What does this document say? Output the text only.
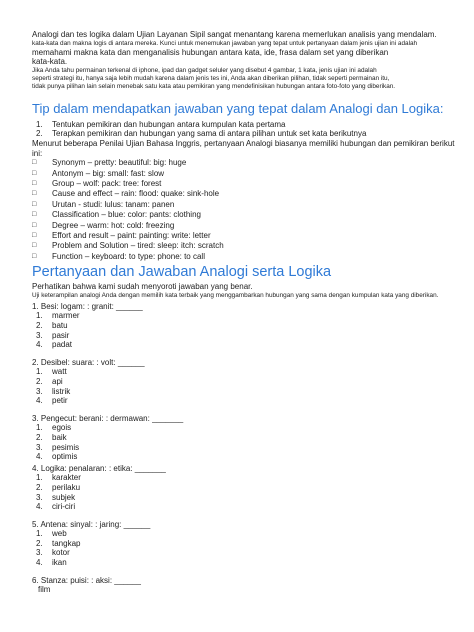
Analogi dan tes logika dalam Ujian Layanan Sipil sangat menantang karena memerlukan analisis yang mendalam.

kata-kata dan makna logis di antara mereka. Kunci untuk menemukan jawaban yang tepat untuk pertanyaan dalam jenis ujian ini adalah

memahami makna kata dan menganalisis hubungan antara kata, ide, frasa dalam set yang diberikan

kata-kata.

Jika Anda tahu permainan terkenal di iphone, ipad dan gadget seluler yang disebut 4 gambar, 1 kata, jenis ujian ini adalah

seperti strategi itu, hanya saja lebih mudah karena dalam jenis tes ini, Anda akan diberikan pilihan, tidak seperti permainan itu,

tidak punya pilihan lain selain menebak satu kata atau pemikiran yang mendefinisikan hubungan antara foto-foto yang diberikan.

Tip dalam mendapatkan jawaban yang tepat dalam Analogi dan Logika:
1. Tentukan pemikiran dan hubungan antara kumpulan kata pertama
2. Terapkan pemikiran dan hubungan yang sama di antara pilihan untuk set kata berikutnya

Menurut beberapa Penilai Ujian Bahasa Inggris, pertanyaan Analogi biasanya memiliki hubungan dan pemikiran berikut ini:

□ Synonym – pretty: beautiful: big: huge
□ Antonym – big: small: fast: slow
□ Group – wolf: pack: tree: forest
□ Cause and effect – rain: flood: quake: sink-hole
□ Urutan - studi: lulus: tanam: panen
□ Classification – blue: color: pants: clothing
□ Degree – warm: hot: cold: freezing
□ Effort and result – paint: painting: write: letter
□ Problem and Solution – tired: sleep: itch: scratch
□ Function – keyboard: to type: phone: to call
Pertanyaan dan Jawaban Analogi serta Logika

Perhatikan bahwa kami sudah menyoroti jawaban yang benar.

Uji keterampilan analogi Anda dengan memilih kata terbaik yang menggambarkan hubungan yang sama dengan kumpulan kata yang diberikan.

1. Besi: logam: : granit: ______

1. marmer
2. batu
3. pasir
4. padat

2. Desibel: suara: : volt: ______

1. watt
2. api
3. listrik
4. petir

3. Pengecut: berani: : dermawan: _______

1. egois
2. baik
3. pesimis
4. optimis

4. Logika: penalaran: : etika: _______

1. karakter
2. perilaku
3. subjek
4. ciri-ciri

5. Antena: sinyal: : jaring: ______

1. web
2. tangkap
3. kotor
4. ikan

6. Stanza: puisi: : aksi: ______

film
